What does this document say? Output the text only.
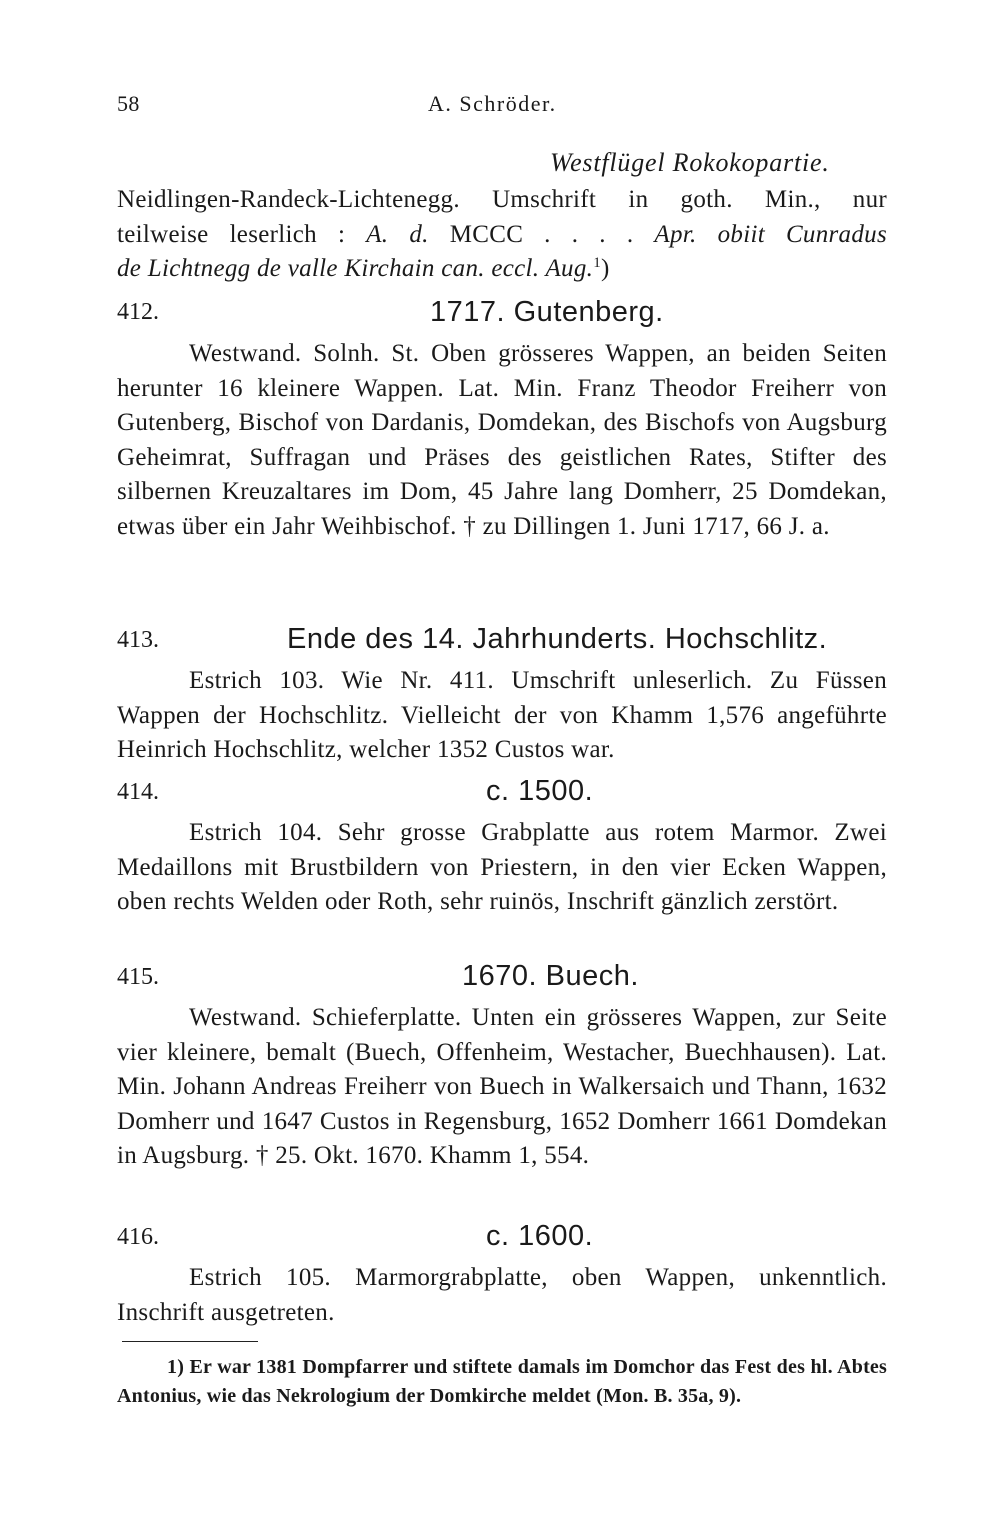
58	A. Schröder.
Westflügel Rokokopartie.
Neidlingen-Randeck-Lichtenegg. Umschrift in goth. Min., nur
teilweise leserlich : A. d. MCCC . . . . Apr. obiit Cunradus
de Lichtnegg de valle Kirchain can. eccl. Aug.$^1$)
412.	1717. Gutenberg.
Westwand. Solnh. St. Oben grösseres Wappen, an beiden Seiten herunter 16 kleinere Wappen. Lat. Min. Franz Theodor Freiherr von Gutenberg, Bischof von Dardanis, Domdekan, des Bischofs von Augsburg Geheimrat, Suffragan und Präses des geistlichen Rates, Stifter des silbernen Kreuzaltares im Dom, 45 Jahre lang Domherr, 25 Domdekan, etwas über ein Jahr Weihbischof. † zu Dillingen 1. Juni 1717, 66 J. a.
413.	Ende des 14. Jahrhunderts. Hochschlitz.
Estrich 103. Wie Nr. 411. Umschrift unleserlich. Zu Füssen Wappen der Hochschlitz. Vielleicht der von Khamm 1,576 angeführte Heinrich Hochschlitz, welcher 1352 Custos war.
414.	c. 1500.
Estrich 104. Sehr grosse Grabplatte aus rotem Marmor. Zwei Medaillons mit Brustbildern von Priestern, in den vier Ecken Wappen, oben rechts Welden oder Roth, sehr ruinös, Inschrift gänzlich zerstört.
415.	1670. Buech.
Westwand. Schieferplatte. Unten ein grösseres Wappen, zur Seite vier kleinere, bemalt (Buech, Offenheim, Westacher, Buechhausen). Lat. Min. Johann Andreas Freiherr von Buech in Walkersaich und Thann, 1632 Domherr und 1647 Custos in Regensburg, 1652 Domherr 1661 Domdekan in Augsburg. † 25. Okt. 1670. Khamm 1, 554.
416.	c. 1600.
Estrich 105. Marmorgrabplatte, oben Wappen, unkenntlich. Inschrift ausgetreten.
1) Er war 1381 Dompfarrer und stiftete damals im Domchor das Fest des hl. Abtes Antonius, wie das Nekrologium der Domkirche meldet (Mon. B. 35a, 9).
